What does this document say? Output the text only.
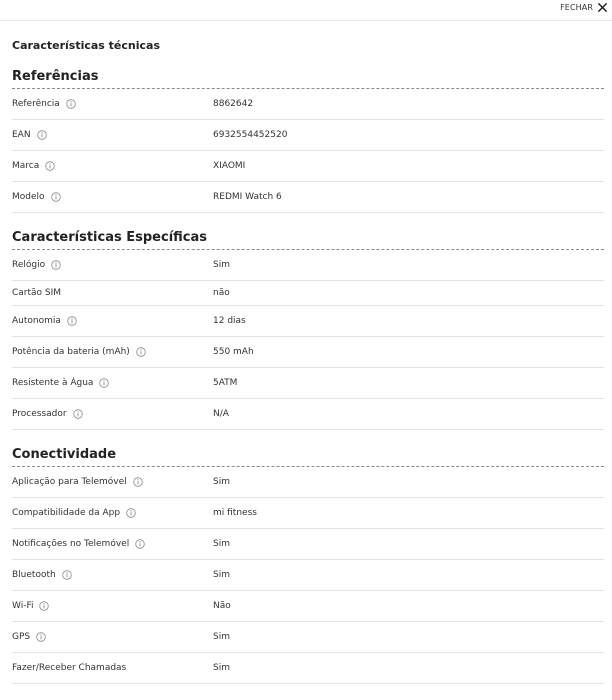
FECHAR
Características técnicas
Referências
Referência	8862642
EAN	6932554452520
Marca	XIAOMI
Modelo	REDMI Watch 6
Características Específicas
Relógio	Sim
Cartão SIM	não
Autonomia	12 dias
Potência da bateria (mAh)	550 mAh
Resistente à Água	5ATM
Processador	N/A
Conectividade
Aplicação para Telemóvel	Sim
Compatibilidade da App	mi fitness
Notificações no Telemóvel	Sim
Bluetooth	Sim
Wi-Fi	Não
GPS	Sim
Fazer/Receber Chamadas	Sim
